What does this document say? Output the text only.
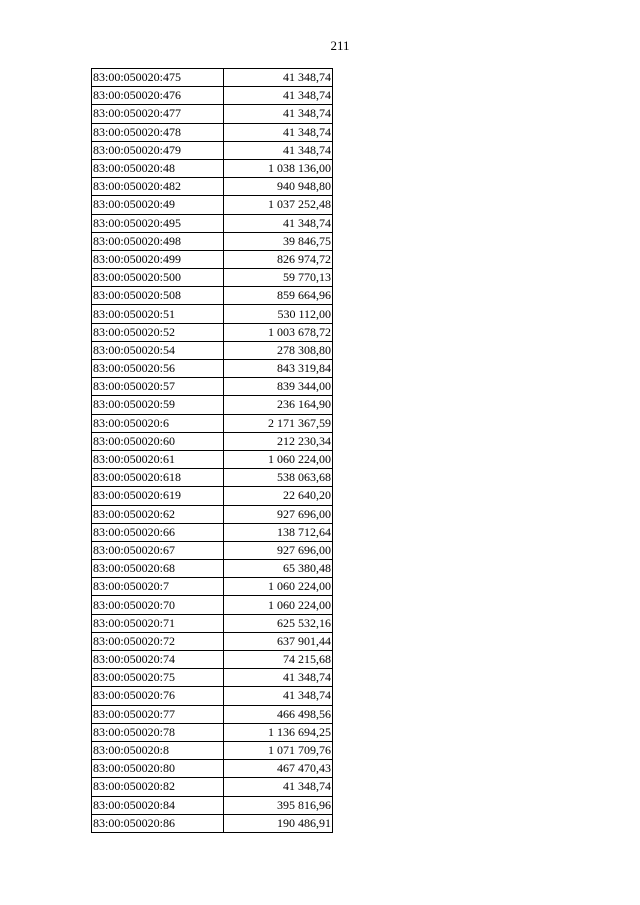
211
83:00:050020:475	41 348,74
83:00:050020:476	41 348,74
83:00:050020:477	41 348,74
83:00:050020:478	41 348,74
83:00:050020:479	41 348,74
83:00:050020:48	1 038 136,00
83:00:050020:482	940 948,80
83:00:050020:49	1 037 252,48
83:00:050020:495	41 348,74
83:00:050020:498	39 846,75
83:00:050020:499	826 974,72
83:00:050020:500	59 770,13
83:00:050020:508	859 664,96
83:00:050020:51	530 112,00
83:00:050020:52	1 003 678,72
83:00:050020:54	278 308,80
83:00:050020:56	843 319,84
83:00:050020:57	839 344,00
83:00:050020:59	236 164,90
83:00:050020:6	2 171 367,59
83:00:050020:60	212 230,34
83:00:050020:61	1 060 224,00
83:00:050020:618	538 063,68
83:00:050020:619	22 640,20
83:00:050020:62	927 696,00
83:00:050020:66	138 712,64
83:00:050020:67	927 696,00
83:00:050020:68	65 380,48
83:00:050020:7	1 060 224,00
83:00:050020:70	1 060 224,00
83:00:050020:71	625 532,16
83:00:050020:72	637 901,44
83:00:050020:74	74 215,68
83:00:050020:75	41 348,74
83:00:050020:76	41 348,74
83:00:050020:77	466 498,56
83:00:050020:78	1 136 694,25
83:00:050020:8	1 071 709,76
83:00:050020:80	467 470,43
83:00:050020:82	41 348,74
83:00:050020:84	395 816,96
83:00:050020:86	190 486,91
